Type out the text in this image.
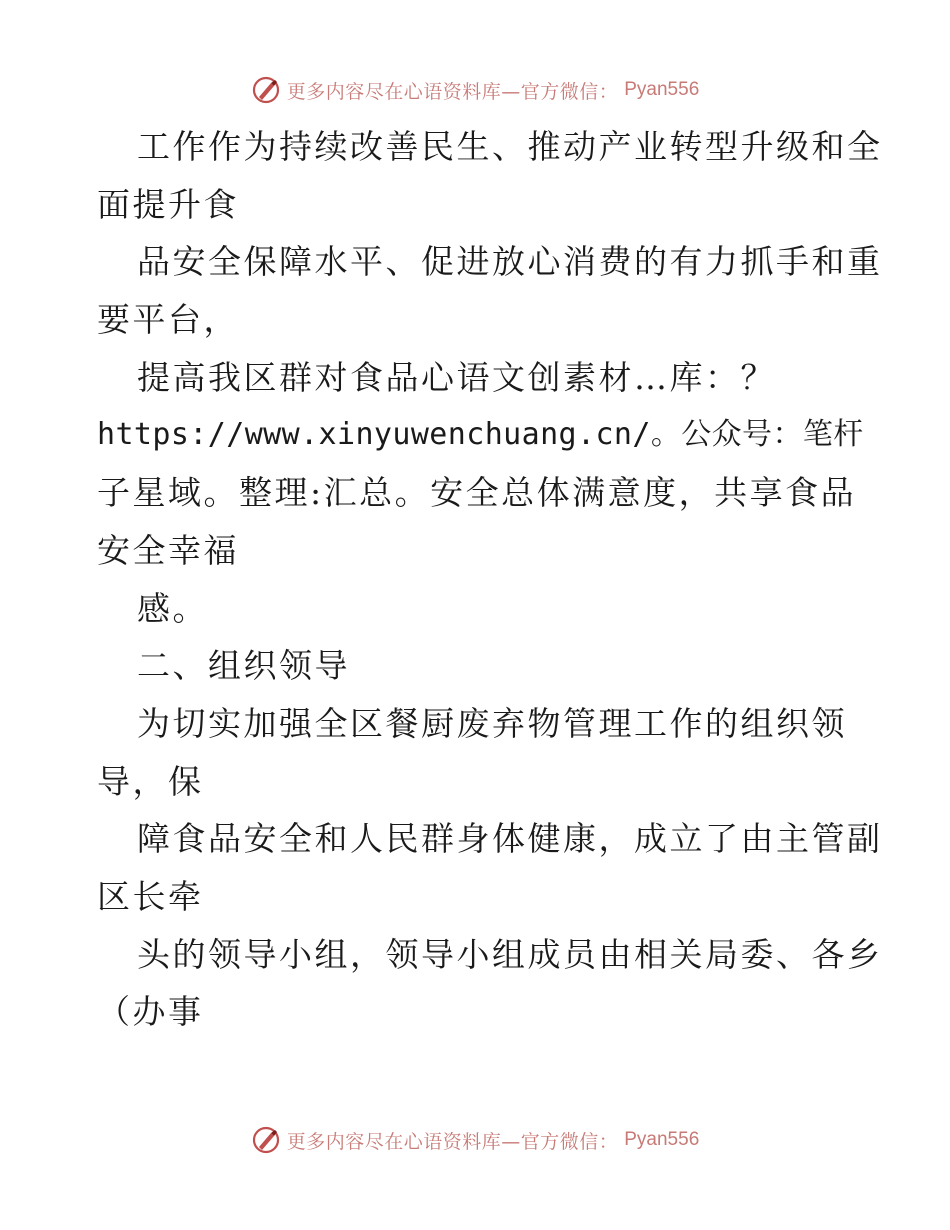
更多内容尽在心语资料库—官方微信： Pyan556
工作作为持续改善民生、推动产业转型升级和全
面提升食
品安全保障水平、促进放心消费的有力抓手和重
要平台，
提高我区群对食品心语文创素材…库：？
https://www.xinyuwenchuang.cn/。公众号：笔杆
子星域。整理:汇总。安全总体满意度，共享食品
安全幸福
感。
二、组织领导
为切实加强全区餐厨废弃物管理工作的组织领
导，保
障食品安全和人民群身体健康，成立了由主管副
区长牵
头的领导小组，领导小组成员由相关局委、各乡
（办事
更多内容尽在心语资料库—官方微信： Pyan556
